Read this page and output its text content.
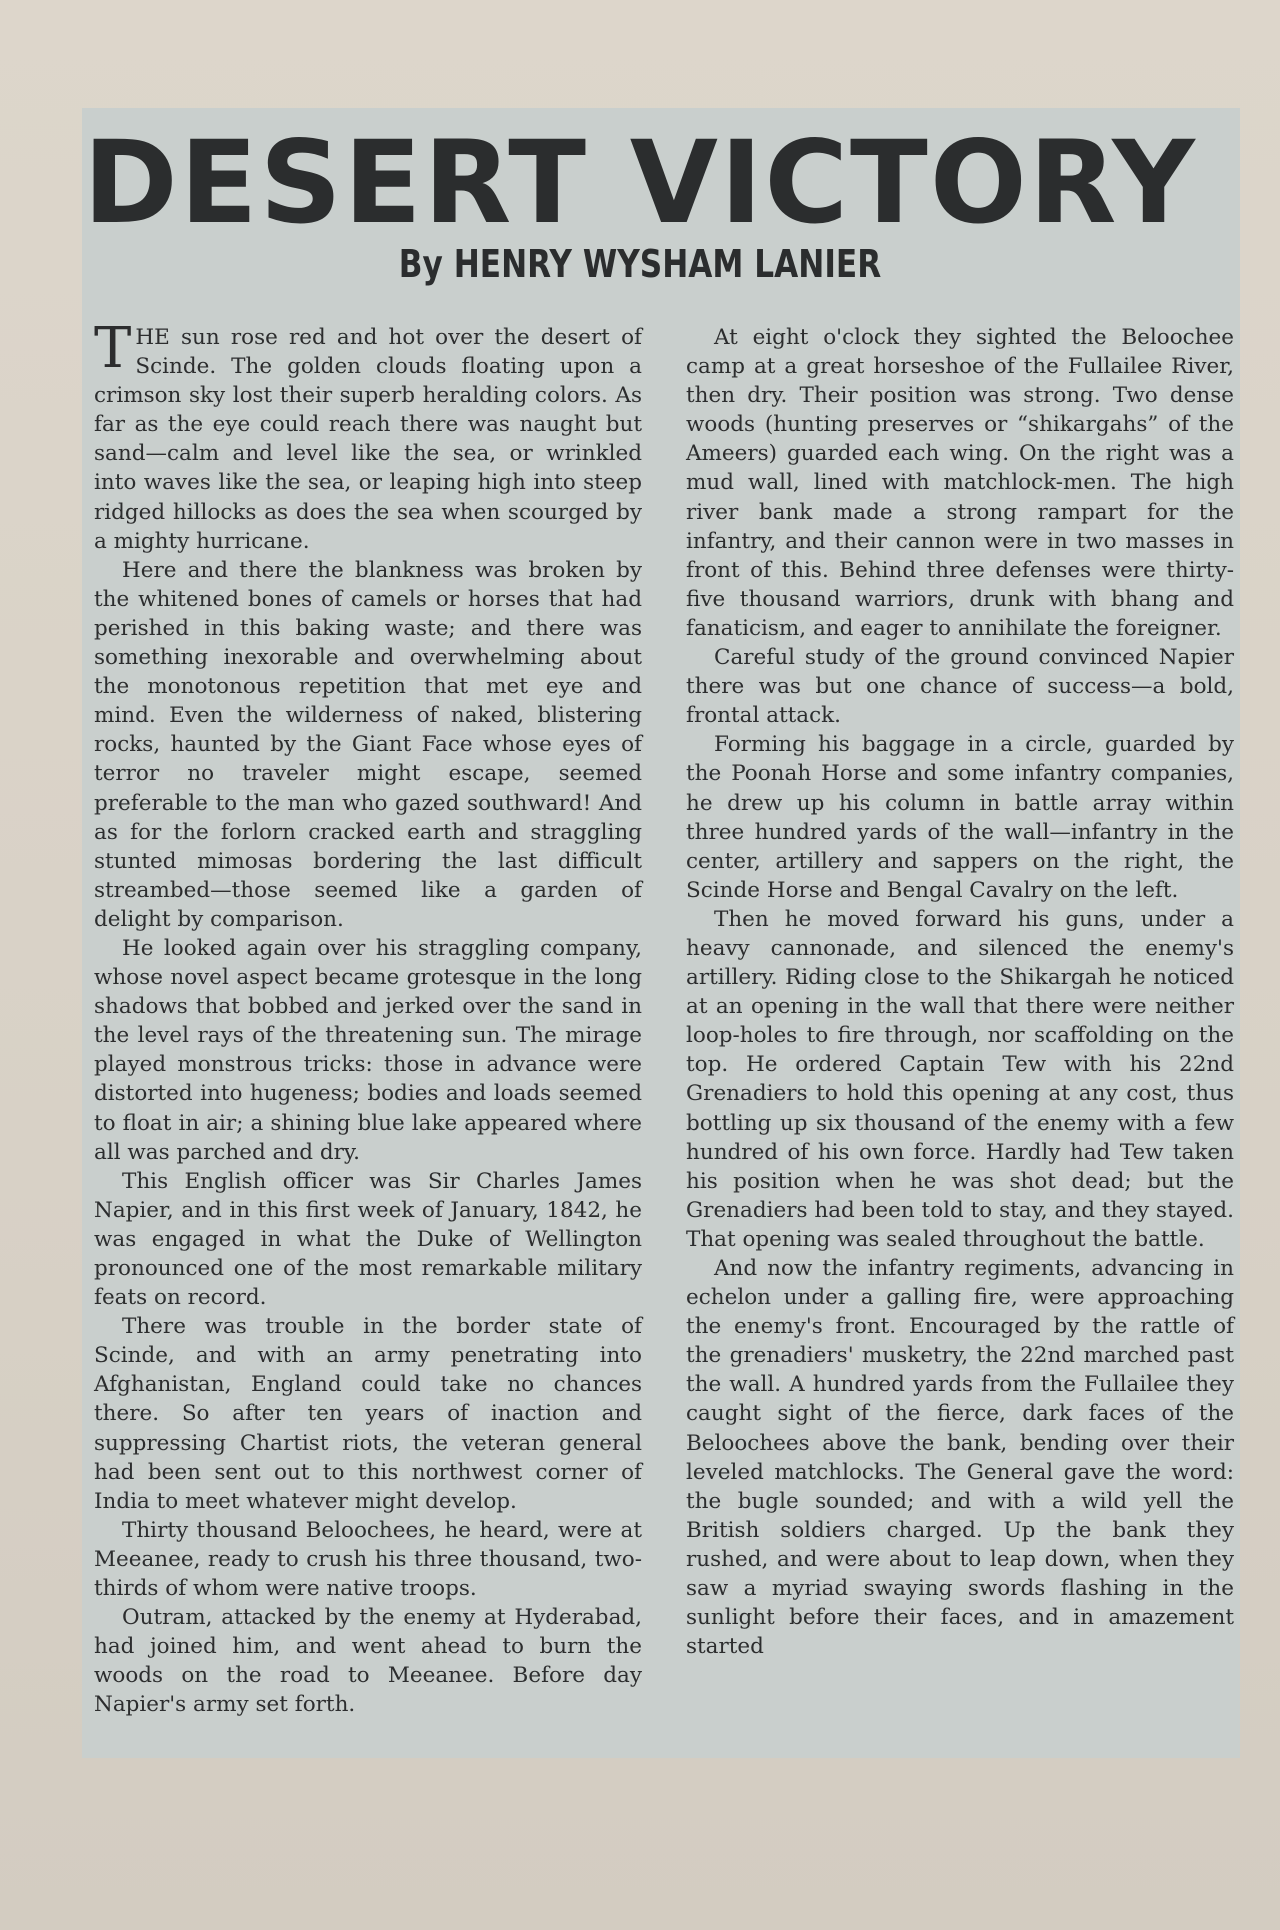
DESERT VICTORY
By HENRY WYSHAM LANIER

THE sun rose red and hot over the desert of Scinde. The golden clouds floating upon a crimson sky lost their superb heralding colors. As far as the eye could reach there was naught but sand—calm and level like the sea, or wrinkled into waves like the sea, or leaping high into steep ridged hillocks as does the sea when scourged by a mighty hurricane.

Here and there the blankness was broken by the whitened bones of camels or horses that had perished in this baking waste; and there was something inexorable and overwhelming about the monotonous repetition that met eye and mind. Even the wilderness of naked, blistering rocks, haunted by the Giant Face whose eyes of terror no traveler might escape, seemed preferable to the man who gazed southward! And as for the forlorn cracked earth and straggling stunted mimosas bordering the last difficult streambed—those seemed like a garden of delight by comparison.

He looked again over his straggling company, whose novel aspect became grotesque in the long shadows that bobbed and jerked over the sand in the level rays of the threatening sun. The mirage played monstrous tricks: those in advance were distorted into hugeness; bodies and loads seemed to float in air; a shining blue lake appeared where all was parched and dry.

This English officer was Sir Charles James Napier, and in this first week of January, 1842, he was engaged in what the Duke of Wellington pronounced one of the most remarkable military feats on record.

There was trouble in the border state of Scinde, and with an army penetrating into Afghanistan, England could take no chances there. So after ten years of inaction and suppressing Chartist riots, the veteran general had been sent out to this northwest corner of India to meet whatever might develop.

Thirty thousand Beloochees, he heard, were at Meeanee, ready to crush his three thousand, two-thirds of whom were native troops.

Outram, attacked by the enemy at Hyderabad, had joined him, and went ahead to burn the woods on the road to Meeanee. Before day Napier's army set forth.

At eight o'clock they sighted the Beloochee camp at a great horseshoe of the Fullailee River, then dry. Their position was strong. Two dense woods (hunting preserves or “shikargahs” of the Ameers) guarded each wing. On the right was a mud wall, lined with matchlock-men. The high river bank made a strong rampart for the infantry, and their cannon were in two masses in front of this. Behind three defenses were thirty-five thousand warriors, drunk with bhang and fanaticism, and eager to annihilate the foreigner.

Careful study of the ground convinced Napier there was but one chance of success—a bold, frontal attack.

Forming his baggage in a circle, guarded by the Poonah Horse and some infantry companies, he drew up his column in battle array within three hundred yards of the wall—infantry in the center, artillery and sappers on the right, the Scinde Horse and Bengal Cavalry on the left.

Then he moved forward his guns, under a heavy cannonade, and silenced the enemy's artillery. Riding close to the Shikargah he noticed at an opening in the wall that there were neither loop-holes to fire through, nor scaffolding on the top. He ordered Captain Tew with his 22nd Grenadiers to hold this opening at any cost, thus bottling up six thousand of the enemy with a few hundred of his own force. Hardly had Tew taken his position when he was shot dead; but the Grenadiers had been told to stay, and they stayed. That opening was sealed throughout the battle.

And now the infantry regiments, advancing in echelon under a galling fire, were approaching the enemy's front. Encouraged by the rattle of the grenadiers' musketry, the 22nd marched past the wall. A hundred yards from the Fullailee they caught sight of the fierce, dark faces of the Beloochees above the bank, bending over their leveled matchlocks. The General gave the word: the bugle sounded; and with a wild yell the British soldiers charged. Up the bank they rushed, and were about to leap down, when they saw a myriad swaying swords flashing in the sunlight before their faces, and in amazement started
